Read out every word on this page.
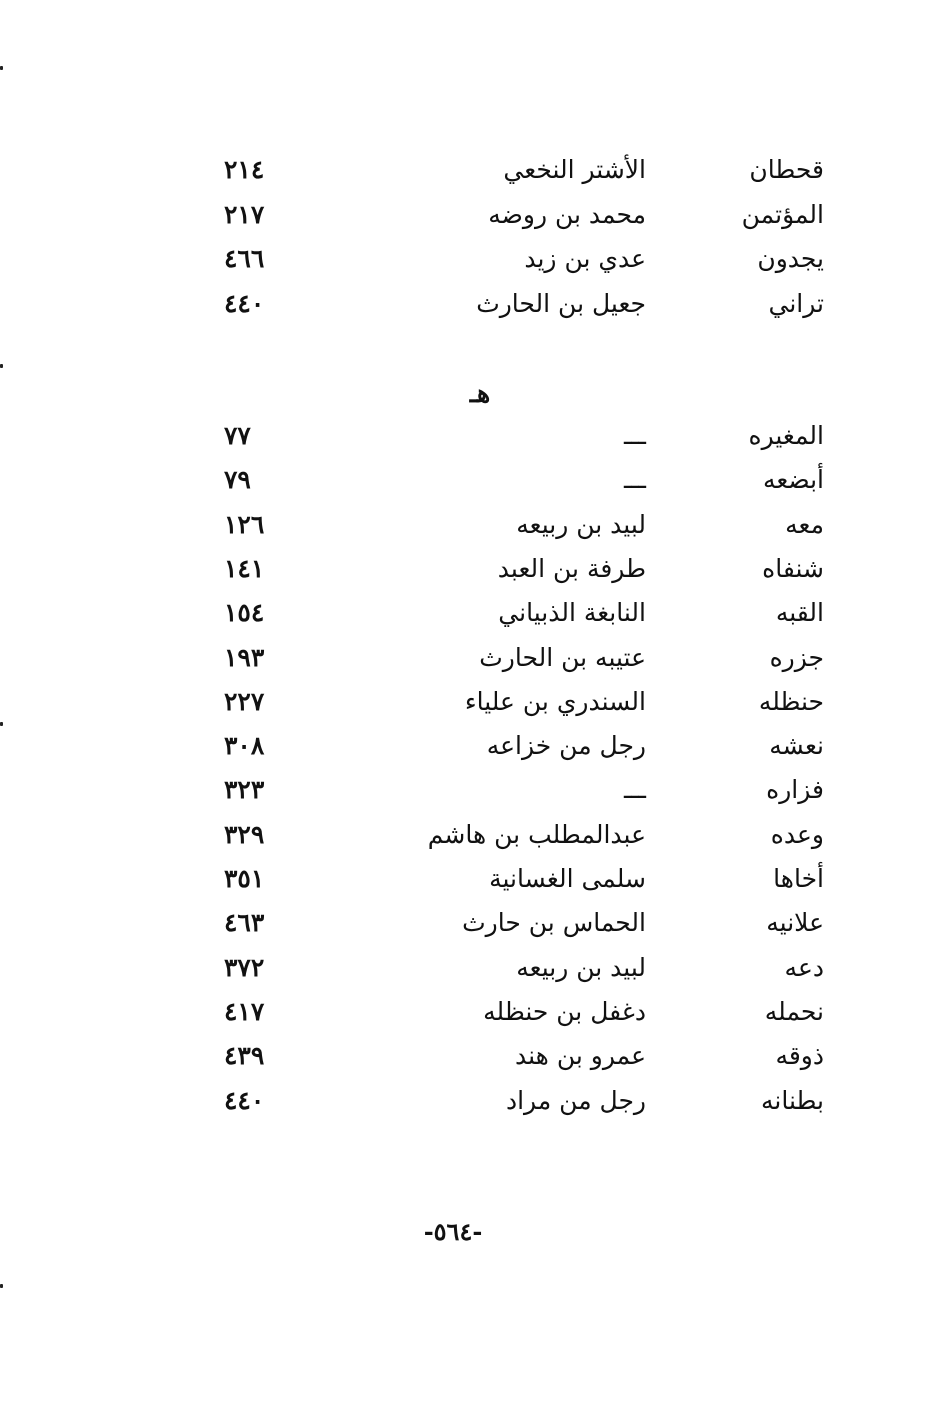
قحطان
الأشتر النخعي
٢١٤
المؤتمن
محمد بن روضه
٢١٧
يجدون
عدي بن زيد
٤٦٦
تراني
جعيل بن الحارث
٤٤٠
هـ
المغيره
ـــ
٧٧
أبضعه
ـــ
٧٩
معه
لبيد بن ربيعه
١٢٦
شنفاه
طرفة بن العبد
١٤١
القبه
النابغة الذبياني
١٥٤
جزره
عتيبه بن الحارث
١٩٣
حنظله
السندري بن علياء
٢٢٧
نعشه
رجل من خزاعه
٣٠٨
فزاره
ـــ
٣٢٣
وعده
عبدالمطلب بن هاشم
٣٢٩
أخاها
سلمى الغسانية
٣٥١
علانيه
الحماس بن حارث
٤٦٣
دعه
لبيد بن ربيعه
٣٧٢
نحمله
دغفل بن حنظله
٤١٧
ذوقه
عمرو بن هند
٤٣٩
بطنانه
رجل من مراد
٤٤٠
-٥٦٤-
